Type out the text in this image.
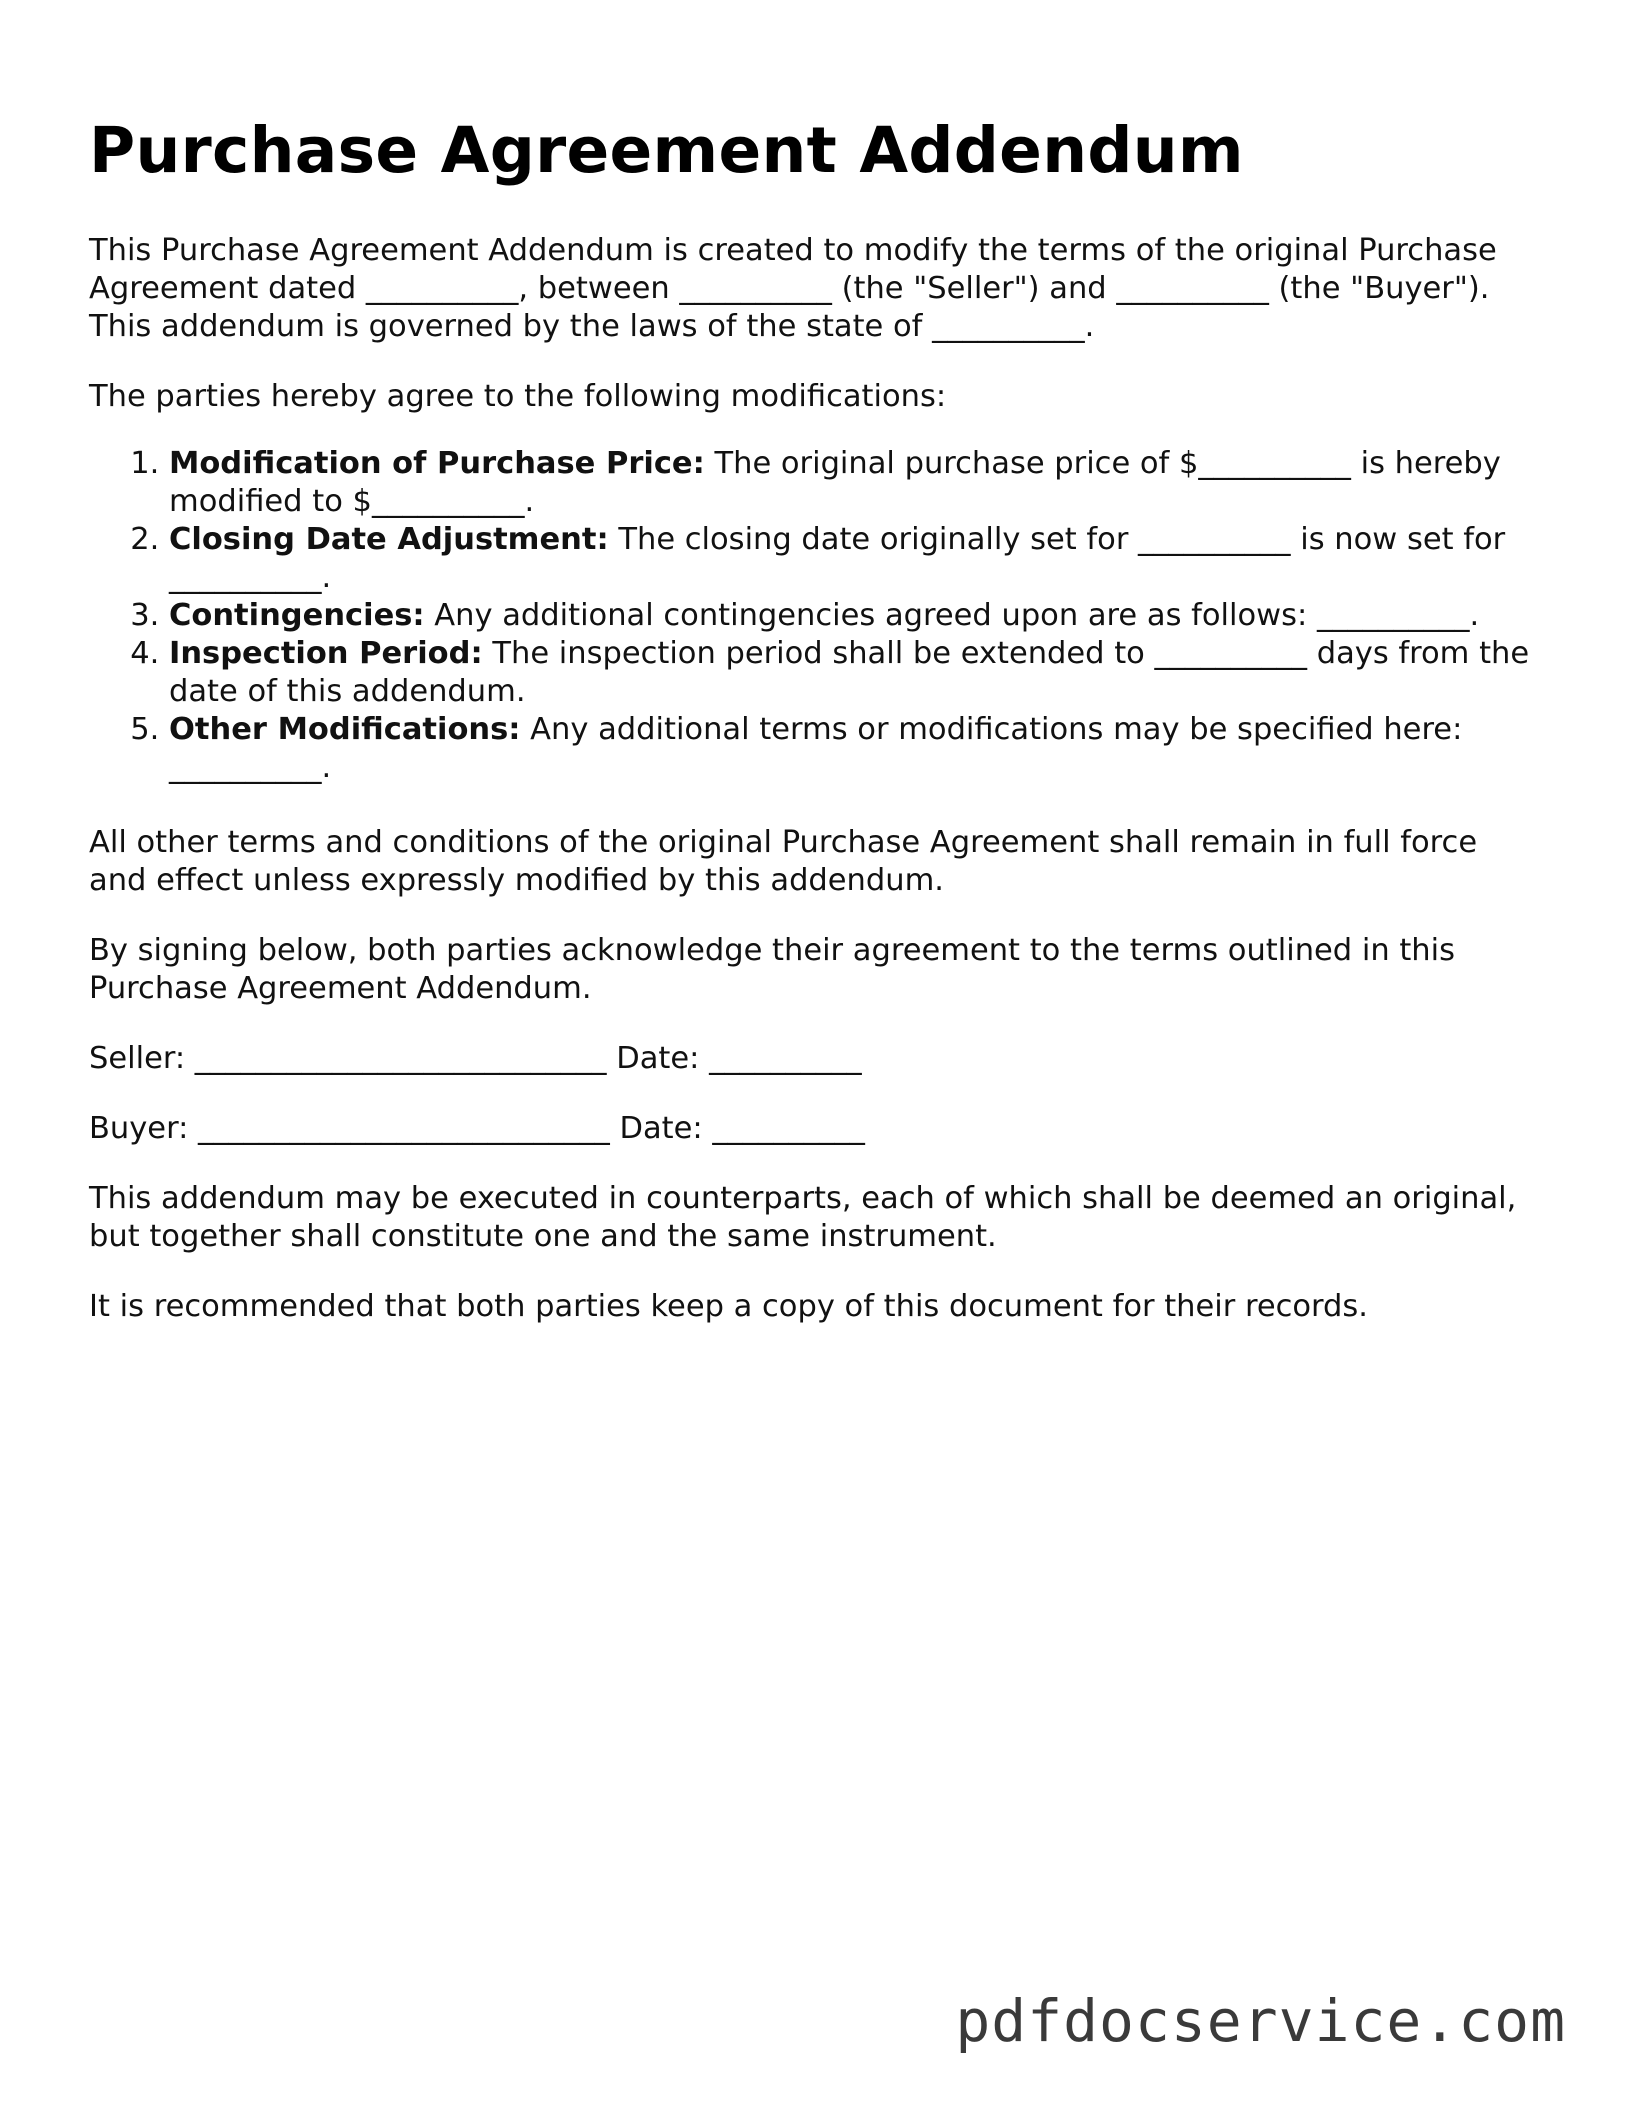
Purchase Agreement Addendum

This Purchase Agreement Addendum is created to modify the terms of the original Purchase Agreement dated __________, between __________ (the "Seller") and __________ (the "Buyer"). This addendum is governed by the laws of the state of __________.

The parties hereby agree to the following modifications:

1. Modification of Purchase Price: The original purchase price of $__________ is hereby modified to $__________.
2. Closing Date Adjustment: The closing date originally set for __________ is now set for __________.
3. Contingencies: Any additional contingencies agreed upon are as follows: __________.
4. Inspection Period: The inspection period shall be extended to __________ days from the date of this addendum.
5. Other Modifications: Any additional terms or modifications may be specified here: __________.

All other terms and conditions of the original Purchase Agreement shall remain in full force and effect unless expressly modified by this addendum.

By signing below, both parties acknowledge their agreement to the terms outlined in this Purchase Agreement Addendum.

Seller: ___________________________ Date: __________

Buyer: ___________________________ Date: __________

This addendum may be executed in counterparts, each of which shall be deemed an original, but together shall constitute one and the same instrument.

It is recommended that both parties keep a copy of this document for their records.

pdfdocservice.com
